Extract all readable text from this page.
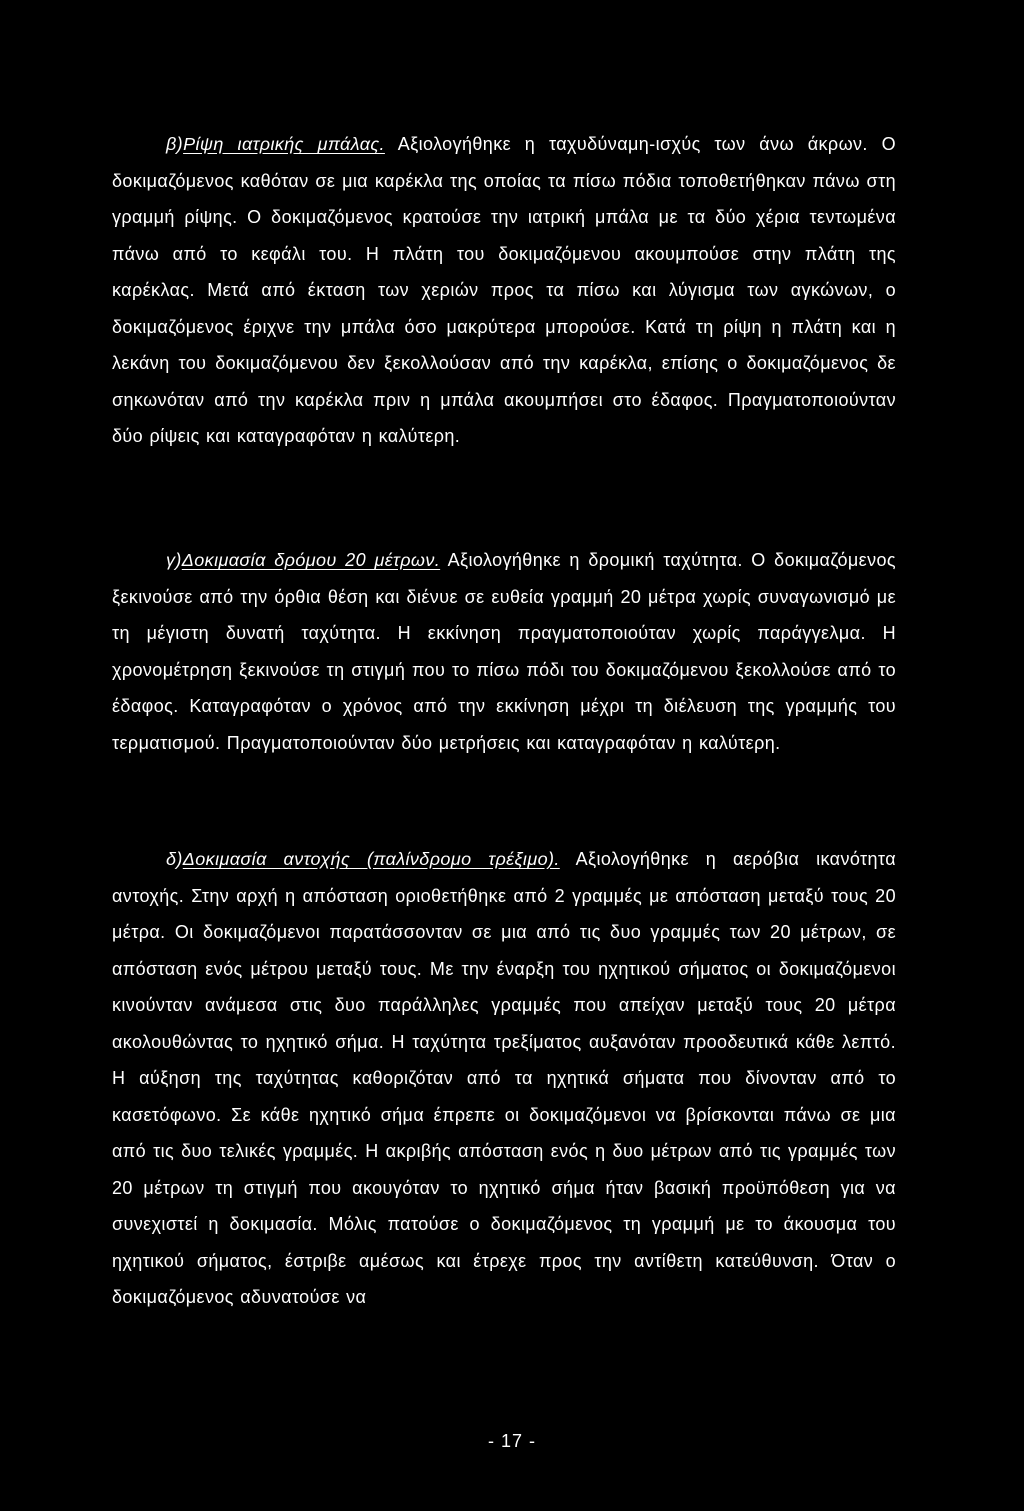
β)Ρίψη ιατρικής μπάλας. Αξιολογήθηκε η ταχυδύναμη-ισχύς των άνω άκρων. Ο δοκιμαζόμενος καθόταν σε μια καρέκλα της οποίας τα πίσω πόδια τοποθετήθηκαν πάνω στη γραμμή ρίψης. Ο δοκιμαζόμενος κρατούσε την ιατρική μπάλα με τα δύο χέρια τεντωμένα πάνω από το κεφάλι του. Η πλάτη του δοκιμαζόμενου ακουμπούσε στην πλάτη της καρέκλας. Μετά από έκταση των χεριών προς τα πίσω και λύγισμα των αγκώνων, ο δοκιμαζόμενος έριχνε την μπάλα όσο μακρύτερα μπορούσε. Κατά τη ρίψη η πλάτη και η λεκάνη του δοκιμαζόμενου δεν ξεκολλούσαν από την καρέκλα, επίσης ο δοκιμαζόμενος δε σηκωνόταν από την καρέκλα πριν η μπάλα ακουμπήσει στο έδαφος. Πραγματοποιούνταν δύο ρίψεις και καταγραφόταν η καλύτερη.

γ)Δοκιμασία δρόμου 20 μέτρων. Αξιολογήθηκε η δρομική ταχύτητα. Ο δοκιμαζόμενος ξεκινούσε από την όρθια θέση και διένυε σε ευθεία γραμμή 20 μέτρα χωρίς συναγωνισμό με τη μέγιστη δυνατή ταχύτητα. Η εκκίνηση πραγματοποιούταν χωρίς παράγγελμα. Η χρονομέτρηση ξεκινούσε τη στιγμή που το πίσω πόδι του δοκιμαζόμενου ξεκολλούσε από το έδαφος. Καταγραφόταν ο χρόνος από την εκκίνηση μέχρι τη διέλευση της γραμμής του τερματισμού. Πραγματοποιούνταν δύο μετρήσεις και καταγραφόταν η καλύτερη.

δ)Δοκιμασία αντοχής (παλίνδρομο τρέξιμο). Αξιολογήθηκε η αερόβια ικανότητα αντοχής. Στην αρχή η απόσταση οριοθετήθηκε από 2 γραμμές με απόσταση μεταξύ τους 20 μέτρα. Οι δοκιμαζόμενοι παρατάσσονταν σε μια από τις δυο γραμμές των 20 μέτρων, σε απόσταση ενός μέτρου μεταξύ τους. Με την έναρξη του ηχητικού σήματος οι δοκιμαζόμενοι κινούνταν ανάμεσα στις δυο παράλληλες γραμμές που απείχαν μεταξύ τους 20 μέτρα ακολουθώντας το ηχητικό σήμα. Η ταχύτητα τρεξίματος αυξανόταν προοδευτικά κάθε λεπτό. Η αύξηση της ταχύτητας καθοριζόταν από τα ηχητικά σήματα που δίνονταν από το κασετόφωνο. Σε κάθε ηχητικό σήμα έπρεπε οι δοκιμαζόμενοι να βρίσκονται πάνω σε μια από τις δυο τελικές γραμμές. Η ακριβής απόσταση ενός η δυο μέτρων από τις γραμμές των 20 μέτρων τη στιγμή που ακουγόταν το ηχητικό σήμα ήταν βασική προϋπόθεση για να συνεχιστεί η δοκιμασία. Μόλις πατούσε ο δοκιμαζόμενος τη γραμμή με το άκουσμα του ηχητικού σήματος, έστριβε αμέσως και έτρεχε προς την αντίθετη κατεύθυνση. Όταν ο δοκιμαζόμενος αδυνατούσε να

- 17 -
